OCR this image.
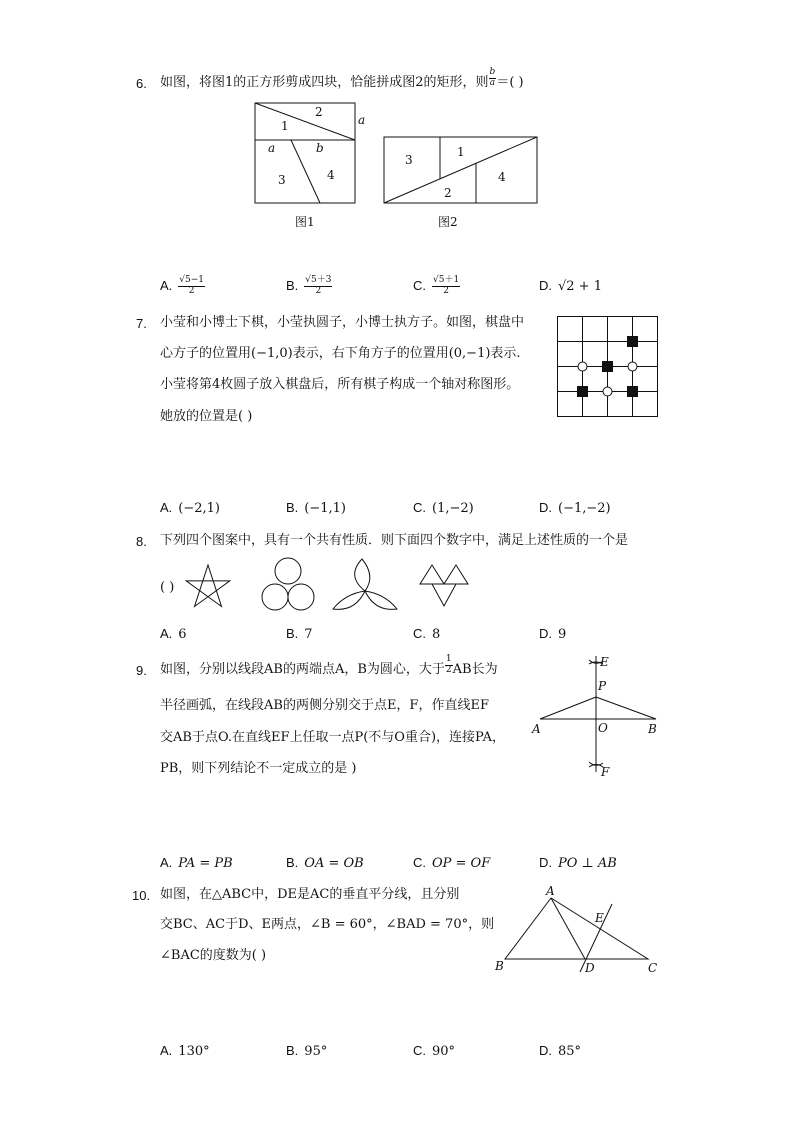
6. 如图，将图1的正方形剪成四块，恰能拼成图2的矩形，则 $\frac{b}{a}$ ＝( )
1
2
a
a	b
3	4
图1
3
1
2
4
图2
A. $\frac{√5-1}{2}$	B. $\frac{√5+3}{2}$	C. $\frac{√5+1}{2}$	D. √2 + 1
7. 小莹和小博士下棋，小莹执圆子，小博士执方子。如图，棋盘中
心方子的位置用(−1,0)表示，右下角方子的位置用(0,−1)表示.
小莹将第4枚圆子放入棋盘后，所有棋子构成一个轴对称图形。
她放的位置是( )
A. (−2,1)	B. (−1,1)	C. (1,−2)	D. (−1,−2)
8. 下列四个图案中，具有一个共有性质．则下面四个数字中，满足上述性质的一个是
( )
A. 6	B. 7	C. 8	D. 9
9. 如图，分别以线段AB的两端点A，B为圆心，大于 $\frac{1}{2}$ AB长为
半径画弧，在线段AB的两侧分别交于点E，F，作直线EF
交AB于点O.在直线EF上任取一点P(不与O重合)，连接PA，
PB，则下列结论不一定成立的是 )
E
P
A	O	B
F
A. PA = PB	B. OA = OB	C. OP = OF	D. PO ⊥ AB
10. 如图，在△ABC中，DE是AC的垂直平分线，且分别
交BC、AC于D、E两点，∠B = 60°，∠BAD = 70°，则
∠BAC的度数为( )
A
E
B	D	C
A. 130°	B. 95°	C. 90°	D. 85°
